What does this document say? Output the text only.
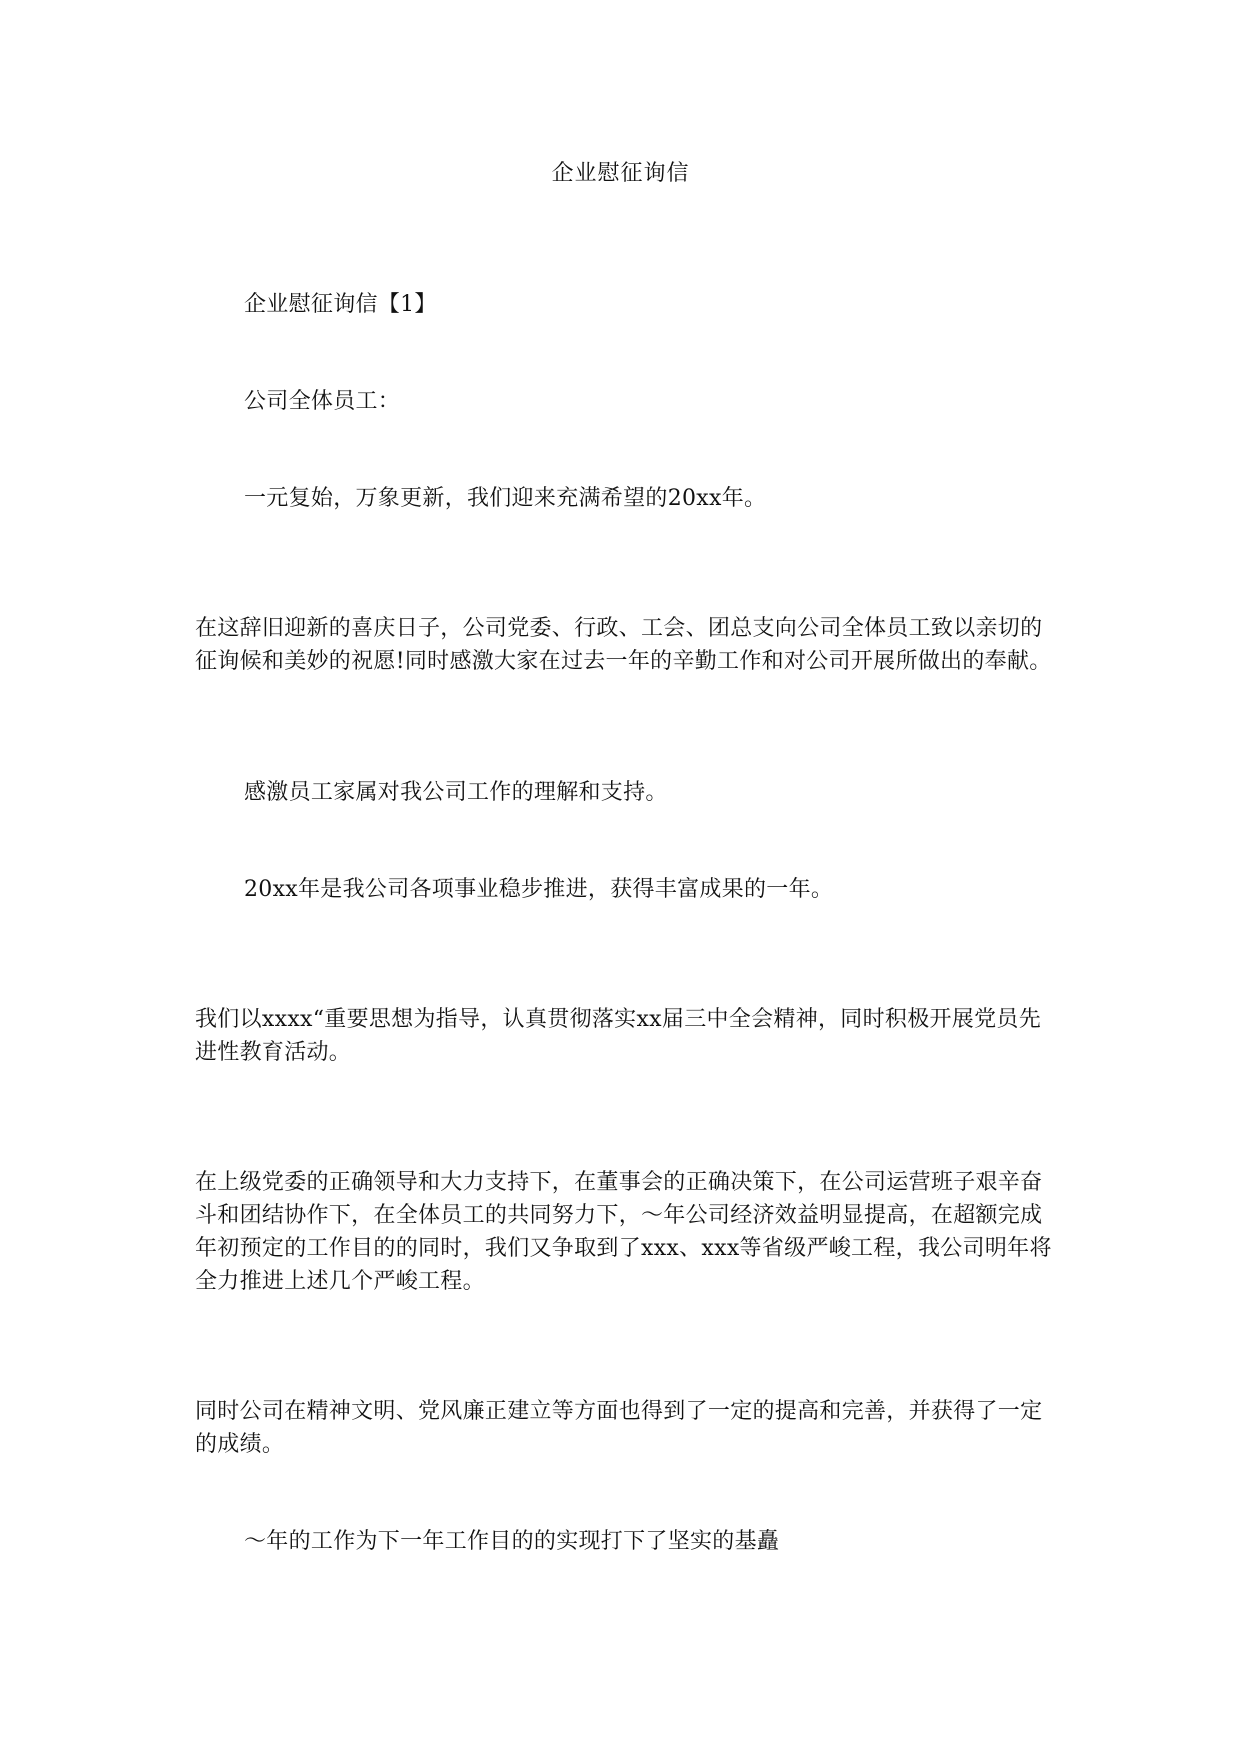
企业慰征询信

企业慰征询信【1】

公司全体员工：

一元复始，万象更新，我们迎来充满希望的20xx年。

在这辞旧迎新的喜庆日子，公司党委、行政、工会、团总支向公司全体员工致以亲切的征询候和美妙的祝愿!同时感激大家在过去一年的辛勤工作和对公司开展所做出的奉献。

感激员工家属对我公司工作的理解和支持。

20xx年是我公司各项事业稳步推进，获得丰富成果的一年。

我们以xxxx“重要思想为指导，认真贯彻落实xx届三中全会精神，同时积极开展党员先进性教育活动。

在上级党委的正确领导和大力支持下，在董事会的正确决策下，在公司运营班子艰辛奋斗和团结协作下，在全体员工的共同努力下，～年公司经济效益明显提高，在超额完成年初预定的工作目的的同时，我们又争取到了xxx、xxx等省级严峻工程，我公司明年将全力推进上述几个严峻工程。

同时公司在精神文明、党风廉正建立等方面也得到了一定的提高和完善，并获得了一定的成绩。

～年的工作为下一年工作目的的实现打下了坚实的基矗
